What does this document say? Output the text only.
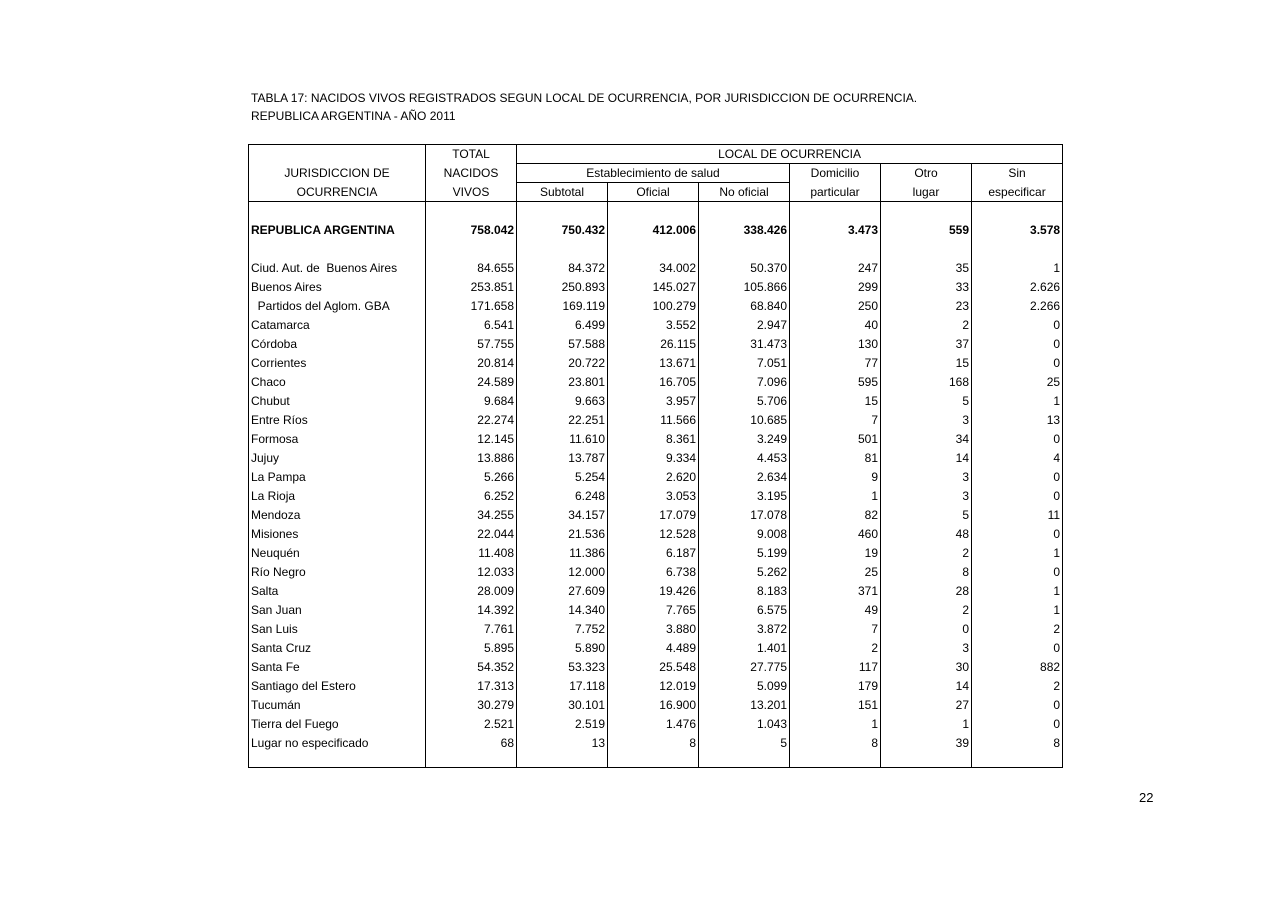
TABLA 17: NACIDOS VIVOS REGISTRADOS SEGUN LOCAL DE OCURRENCIA, POR JURISDICCION DE OCURRENCIA.
REPUBLICA ARGENTINA - AÑO 2011
	TOTAL	LOCAL DE OCURRENCIA					
JURISDICCION DE	NACIDOS	Establecimiento de salud			Domicilio	Otro	Sin
OCURRENCIA	VIVOS	Subtotal	Oficial	No oficial	particular	lugar	especificar

REPUBLICA ARGENTINA	758.042	750.432	412.006	338.426	3.473	559	3.578

Ciud. Aut. de  Buenos Aires	84.655	84.372	34.002	50.370	247	35	1
Buenos Aires	253.851	250.893	145.027	105.866	299	33	2.626
Partidos del Aglom. GBA	171.658	169.119	100.279	68.840	250	23	2.266
Catamarca	6.541	6.499	3.552	2.947	40	2	0
Córdoba	57.755	57.588	26.115	31.473	130	37	0
Corrientes	20.814	20.722	13.671	7.051	77	15	0
Chaco	24.589	23.801	16.705	7.096	595	168	25
Chubut	9.684	9.663	3.957	5.706	15	5	1
Entre Ríos	22.274	22.251	11.566	10.685	7	3	13
Formosa	12.145	11.610	8.361	3.249	501	34	0
Jujuy	13.886	13.787	9.334	4.453	81	14	4
La Pampa	5.266	5.254	2.620	2.634	9	3	0
La Rioja	6.252	6.248	3.053	3.195	1	3	0
Mendoza	34.255	34.157	17.079	17.078	82	5	11
Misiones	22.044	21.536	12.528	9.008	460	48	0
Neuquén	11.408	11.386	6.187	5.199	19	2	1
Río Negro	12.033	12.000	6.738	5.262	25	8	0
Salta	28.009	27.609	19.426	8.183	371	28	1
San Juan	14.392	14.340	7.765	6.575	49	2	1
San Luis	7.761	7.752	3.880	3.872	7	0	2
Santa Cruz	5.895	5.890	4.489	1.401	2	3	0
Santa Fe	54.352	53.323	25.548	27.775	117	30	882
Santiago del Estero	17.313	17.118	12.019	5.099	179	14	2
Tucumán	30.279	30.101	16.900	13.201	151	27	0
Tierra del Fuego	2.521	2.519	1.476	1.043	1	1	0
Lugar no especificado	68	13	8	5	8	39	8

22
